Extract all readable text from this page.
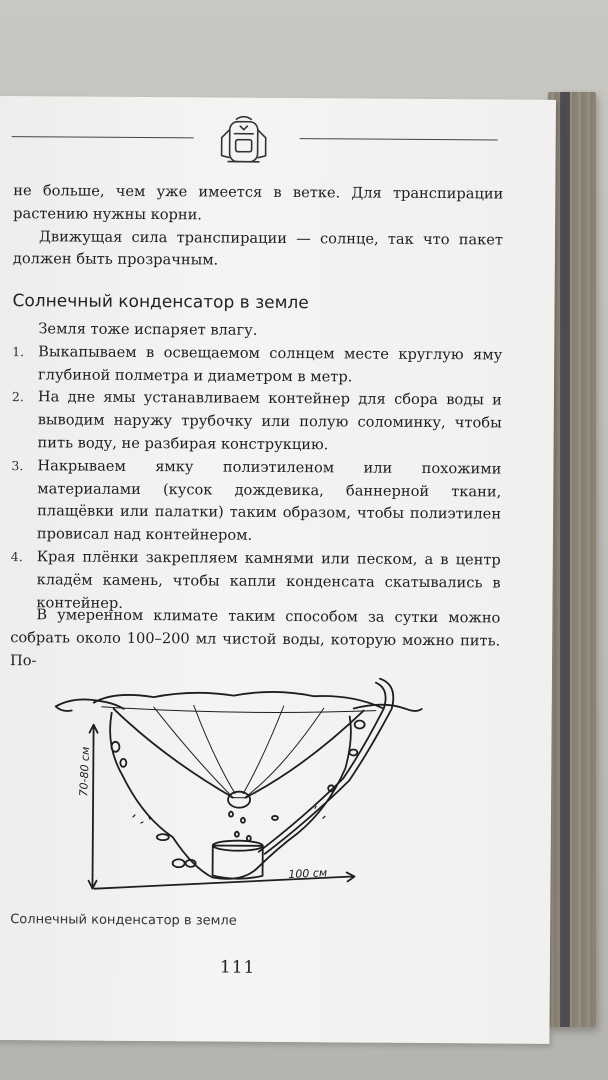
не больше, чем уже имеется в ветке. Для транспирации растению нужны корни.

Движущая сила транспирации — солнце, так что пакет должен быть прозрачным.

Солнечный конденсатор в земле

Земля тоже испаряет влагу.

1. Выкапываем в освещаемом солнцем месте круглую яму глубиной полметра и диаметром в метр.
2. На дне ямы устанавливаем контейнер для сбора воды и выводим наружу трубочку или полую соломинку, чтобы пить воду, не разбирая конструкцию.
3. Накрываем ямку полиэтиленом или похожими материалами (кусок дождевика, баннерной ткани, плащёвки или палатки) таким образом, чтобы полиэтилен провисал над контейнером.
4. Края плёнки закрепляем камнями или песком, а в центр кладём камень, чтобы капли конденсата скатывались в контейнер.

В умеренном климате таким способом за сутки можно собрать около 100–200 мл чистой воды, которую можно пить. По-

70-80 см
100 см
Солнечный конденсатор в земле
111
